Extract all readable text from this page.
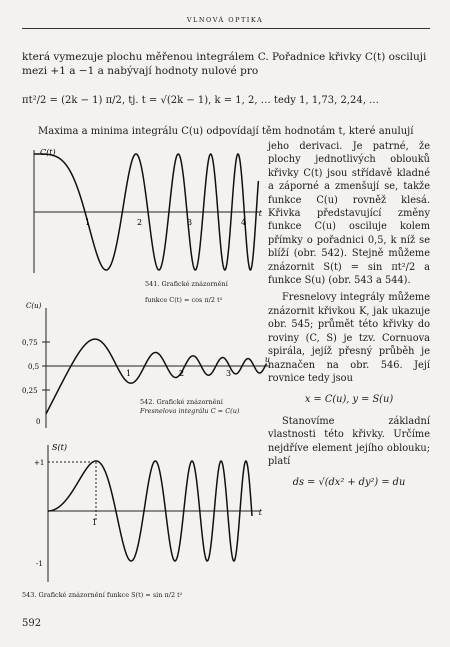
VLNOVÁ OPTIKA
která vymezuje plochu měřenou integrálem C. Pořadnice křivky C(t) osciluji
mezi +1 a −1 a nabývají hodnoty nulové pro
πt²/2 = (2k − 1) π/2, tj. t = √(2k − 1), k = 1, 2, … tedy 1, 1,73, 2,24, …
Maxima a minima integrálu C(u) odpovídají těm hodnotám t, které anulují

jeho derivaci. Je patrné, že plochy jednotlivých oblouků křivky C(t) jsou střídavě kladné a záporné a zmenšují se, takže funkce C(u) rovněž klesá. Křivka představující změny funkce C(u) osciluje kolem přímky o pořadnici 0,5, k níž se blíží (obr. 542). Stejně můžeme znázornit S(t) = sin πt²/2 a funkce S(u) (obr. 543 a 544).

Fresnelovy integrály můžeme znázornit křivkou K, jak ukazuje obr. 545; průmět této křivky do roviny (C, S) je tzv. Cornuova spirála, jejíž přesný průběh je naznačen na obr. 546. Její rovnice tedy jsou

x = C(u), y = S(u)

Stanovíme základní vlastnosti této křivky. Určíme nejdříve element jejího oblouku; platí

ds = √(dx² + dy²) = du

C(t)
t
1	2	3	4
541. Grafické znázornění
funkce C(t) = cos π/2 t²
C(u)
0,75
0,5
0,25
0
u
1	2	3
542. Grafické znázornění
Fresnelova integrálu C = C(u)
S(t)
+1
-1
t
1
543. Grafické znázornění funkce S(t) = sin π/2 t²
592
